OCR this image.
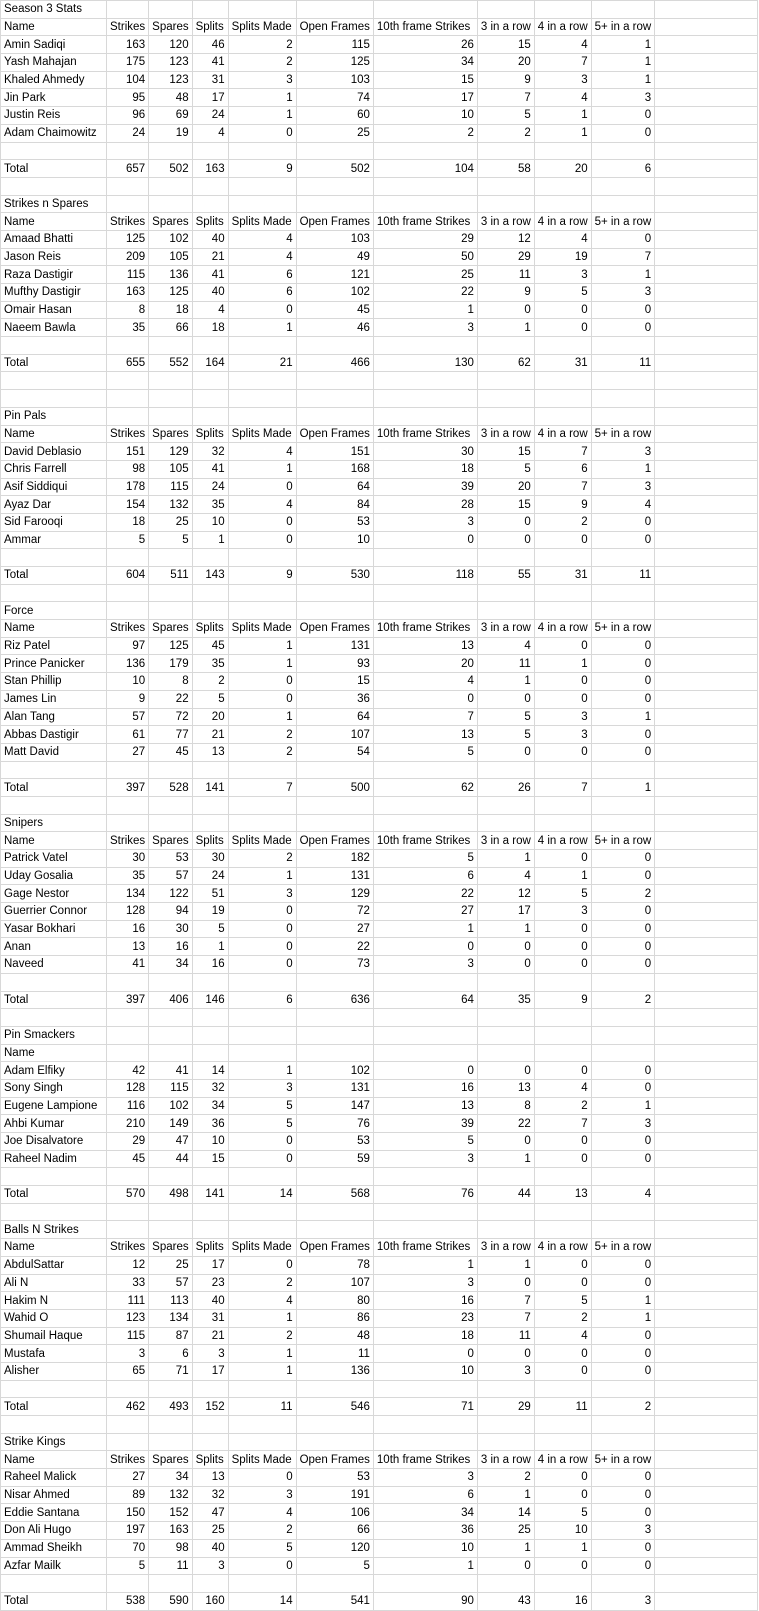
Season 3 Stats										
Name	Strikes	Spares	Splits	Splits Made	Open Frames	10th frame Strikes	3 in a row	4 in a row	5+ in a row	
Amin Sadiqi	163	120	46	2	115	26	15	4	1	
Yash Mahajan	175	123	41	2	125	34	20	7	1	
Khaled Ahmedy	104	123	31	3	103	15	9	3	1	
Jin Park	95	48	17	1	74	17	7	4	3	
Justin Reis	96	69	24	1	60	10	5	1	0	
Adam Chaimowitz	24	19	4	0	25	2	2	1	0	

Total	657	502	163	9	502	104	58	20	6	

Strikes n Spares										
Name	Strikes	Spares	Splits	Splits Made	Open Frames	10th frame Strikes	3 in a row	4 in a row	5+ in a row	
Amaad Bhatti	125	102	40	4	103	29	12	4	0	
Jason Reis	209	105	21	4	49	50	29	19	7	
Raza Dastigir	115	136	41	6	121	25	11	3	1	
Mufthy Dastigir	163	125	40	6	102	22	9	5	3	
Omair Hasan	8	18	4	0	45	1	0	0	0	
Naeem Bawla	35	66	18	1	46	3	1	0	0	

Total	655	552	164	21	466	130	62	31	11	

Pin Pals										
Name	Strikes	Spares	Splits	Splits Made	Open Frames	10th frame Strikes	3 in a row	4 in a row	5+ in a row	
David Deblasio	151	129	32	4	151	30	15	7	3	
Chris Farrell	98	105	41	1	168	18	5	6	1	
Asif Siddiqui	178	115	24	0	64	39	20	7	3	
Ayaz Dar	154	132	35	4	84	28	15	9	4	
Sid Farooqi	18	25	10	0	53	3	0	2	0	
Ammar	5	5	1	0	10	0	0	0	0	

Total	604	511	143	9	530	118	55	31	11	

Force										
Name	Strikes	Spares	Splits	Splits Made	Open Frames	10th frame Strikes	3 in a row	4 in a row	5+ in a row	
Riz Patel	97	125	45	1	131	13	4	0	0	
Prince Panicker	136	179	35	1	93	20	11	1	0	
Stan Phillip	10	8	2	0	15	4	1	0	0	
James Lin	9	22	5	0	36	0	0	0	0	
Alan Tang	57	72	20	1	64	7	5	3	1	
Abbas Dastigir	61	77	21	2	107	13	5	3	0	
Matt David	27	45	13	2	54	5	0	0	0	

Total	397	528	141	7	500	62	26	7	1	

Snipers										
Name	Strikes	Spares	Splits	Splits Made	Open Frames	10th frame Strikes	3 in a row	4 in a row	5+ in a row	
Patrick Vatel	30	53	30	2	182	5	1	0	0	
Uday Gosalia	35	57	24	1	131	6	4	1	0	
Gage Nestor	134	122	51	3	129	22	12	5	2	
Guerrier Connor	128	94	19	0	72	27	17	3	0	
Yasar Bokhari	16	30	5	0	27	1	1	0	0	
Anan	13	16	1	0	22	0	0	0	0	
Naveed	41	34	16	0	73	3	0	0	0	

Total	397	406	146	6	636	64	35	9	2	

Pin Smackers										
Name										
Adam Elfiky	42	41	14	1	102	0	0	0	0	
Sony Singh	128	115	32	3	131	16	13	4	0	
Eugene Lampione	116	102	34	5	147	13	8	2	1	
Ahbi Kumar	210	149	36	5	76	39	22	7	3	
Joe Disalvatore	29	47	10	0	53	5	0	0	0	
Raheel Nadim	45	44	15	0	59	3	1	0	0	

Total	570	498	141	14	568	76	44	13	4	

Balls N Strikes										
Name	Strikes	Spares	Splits	Splits Made	Open Frames	10th frame Strikes	3 in a row	4 in a row	5+ in a row	
AbdulSattar	12	25	17	0	78	1	1	0	0	
Ali N	33	57	23	2	107	3	0	0	0	
Hakim N	111	113	40	4	80	16	7	5	1	
Wahid O	123	134	31	1	86	23	7	2	1	
Shumail Haque	115	87	21	2	48	18	11	4	0	
Mustafa	3	6	3	1	11	0	0	0	0	
Alisher	65	71	17	1	136	10	3	0	0	

Total	462	493	152	11	546	71	29	11	2	

Strike Kings										
Name	Strikes	Spares	Splits	Splits Made	Open Frames	10th frame Strikes	3 in a row	4 in a row	5+ in a row	
Raheel Malick	27	34	13	0	53	3	2	0	0	
Nisar Ahmed	89	132	32	3	191	6	1	0	0	
Eddie Santana	150	152	47	4	106	34	14	5	0	
Don Ali Hugo	197	163	25	2	66	36	25	10	3	
Ammad Sheikh	70	98	40	5	120	10	1	1	0	
Azfar Mailk	5	11	3	0	5	1	0	0	0	

Total	538	590	160	14	541	90	43	16	3	
